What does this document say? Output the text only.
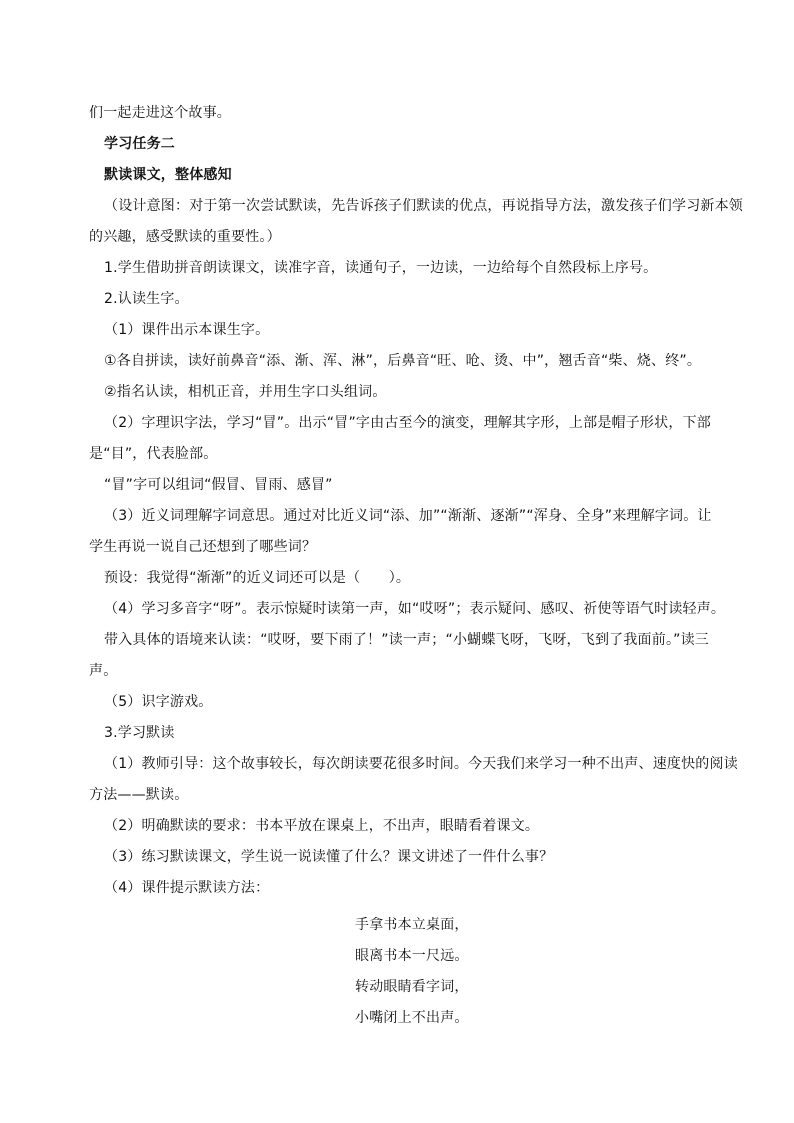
们一起走进这个故事。
学习任务二
默读课文，整体感知
（设计意图：对于第一次尝试默读，先告诉孩子们默读的优点，再说指导方法，激发孩子们学习新本领
的兴趣，感受默读的重要性。）
1.学生借助拼音朗读课文，读准字音，读通句子，一边读，一边给每个自然段标上序号。
2.认读生字。
（1）课件出示本课生字。
①各自拼读，读好前鼻音“添、渐、浑、淋”，后鼻音“旺、呛、烫、中”，翘舌音“柴、烧、终”。
②指名认读，相机正音，并用生字口头组词。
（2）字理识字法，学习“冒”。出示“冒”字由古至今的演变，理解其字形，上部是帽子形状，下部
是“目”，代表脸部。
“冒”字可以组词“假冒、冒雨、感冒”
（3）近义词理解字词意思。通过对比近义词“添、加”“渐渐、逐渐”“浑身、全身”来理解字词。让
学生再说一说自己还想到了哪些词？
预设：我觉得“渐渐”的近义词还可以是（　　）。
（4）学习多音字“呀”。表示惊疑时读第一声，如“哎呀”；表示疑问、感叹、祈使等语气时读轻声。
带入具体的语境来认读：“哎呀，要下雨了！”读一声；“小蝴蝶飞呀，飞呀，飞到了我面前。”读三
声。
（5）识字游戏。
3.学习默读
（1）教师引导：这个故事较长，每次朗读要花很多时间。今天我们来学习一种不出声、速度快的阅读
方法——默读。
（2）明确默读的要求：书本平放在课桌上，不出声，眼睛看着课文。
（3）练习默读课文，学生说一说读懂了什么？课文讲述了一件什么事？
（4）课件提示默读方法：
手拿书本立桌面，
眼离书本一尺远。
转动眼睛看字词，
小嘴闭上不出声。
